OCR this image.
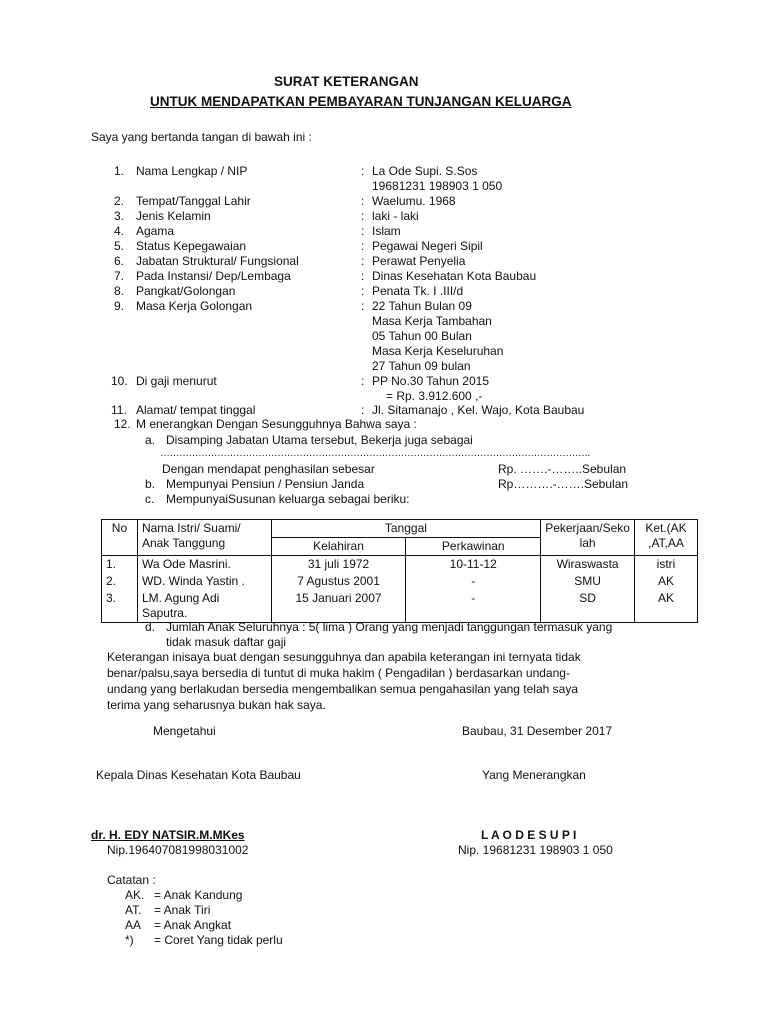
SURAT KETERANGAN
UNTUK MENDAPATKAN PEMBAYARAN TUNJANGAN KELUARGA
Saya yang bertanda tangan di bawah ini :
1. Nama Lengkap / NIP	: La Ode Supi. S.Sos
19681231 198903 1 050
2. Tempat/Tanggal Lahir	: Waelumu. 1968
3. Jenis Kelamin	: laki - laki
4. Agama	: Islam
5. Status Kepegawaian	: Pegawai Negeri Sipil
6. Jabatan Struktural/ Fungsional	: Perawat Penyelia
7. Pada Instansi/ Dep/Lembaga	: Dinas Kesehatan Kota Baubau
8. Pangkat/Golongan	: Penata Tk. I .III/d
9. Masa Kerja Golongan	: 22 Tahun Bulan 09
Masa Kerja Tambahan
05 Tahun 00 Bulan
Masa Kerja Keseluruhan
27 Tahun 09 bulan
10. Di gaji menurut	: PP No.30 Tahun 2015
= Rp. 3.912.600 ,-
11. Alamat/ tempat tinggal	: Jl. Sitamanajo , Kel. Wajo, Kota Baubau
12. M enerangkan Dengan Sesungguhnya Bahwa saya :
a. Disamping Jabatan Utama tersebut, Bekerja juga sebagai
……………………………………………………………………………………………………………………….
Dengan mendapat penghasilan sebesar	Rp. …….-……..Sebulan
b. Mempunyai Pensiun / Pensiun Janda	Rp……….-…….Sebulan
c. MempunyaiSusunan keluarga sebagai beriku:
No	Nama Istri/ Suami/ Anak Tanggung	Tanggal		Pekerjaan/Sekolah	Ket.(AK ,AT,AA
		Kelahiran	Perkawinan		
1.	Wa Ode Masrini.	31 juli 1972	10-11-12	Wiraswasta	istri
2.	WD. Winda Yastin .	7 Agustus 2001	-	SMU	AK
3.	LM. Agung Adi Saputra.	15 Januari 2007	-	SD	AK
d. Jumlah Anak Seluruhnya : 5( lima ) Orang yang menjadi tanggungan termasuk yang
tidak masuk daftar gaji
Keterangan inisaya buat dengan sesungguhnya dan apabila keterangan ini ternyata tidak
benar/palsu,saya bersedia di tuntut di muka hakim ( Pengadilan ) berdasarkan undang-
undang yang berlakudan bersedia mengembalikan semua pengahasilan yang telah saya
terima yang seharusnya bukan hak saya.
Mengetahui	Baubau, 31 Desember 2017
Kepala Dinas Kesehatan Kota Baubau	Yang Menerangkan
dr. H. EDY NATSIR.M.MKes	L A O D E S U P I
Nip.196407081998031002	Nip. 19681231 198903 1 050
Catatan :
AK. = Anak Kandung
AT. = Anak Tiri
AA = Anak Angkat
*) = Coret Yang tidak perlu
